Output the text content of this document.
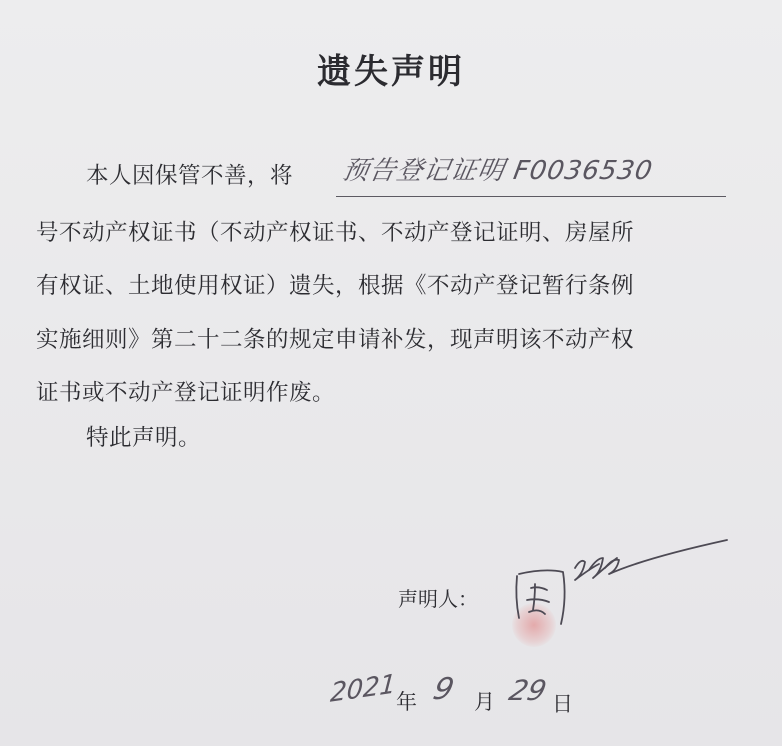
遗失声明
本人因保管不善，将 预告登记证明 F0036530
号不动产权证书（不动产权证书、不动产登记证明、房屋所
有权证、土地使用权证）遗失，根据《不动产登记暂行条例
实施细则》第二十二条的规定申请补发，现声明该不动产权
证书或不动产登记证明作废。
特此声明。
声明人：
2021 年 9 月 29 日
